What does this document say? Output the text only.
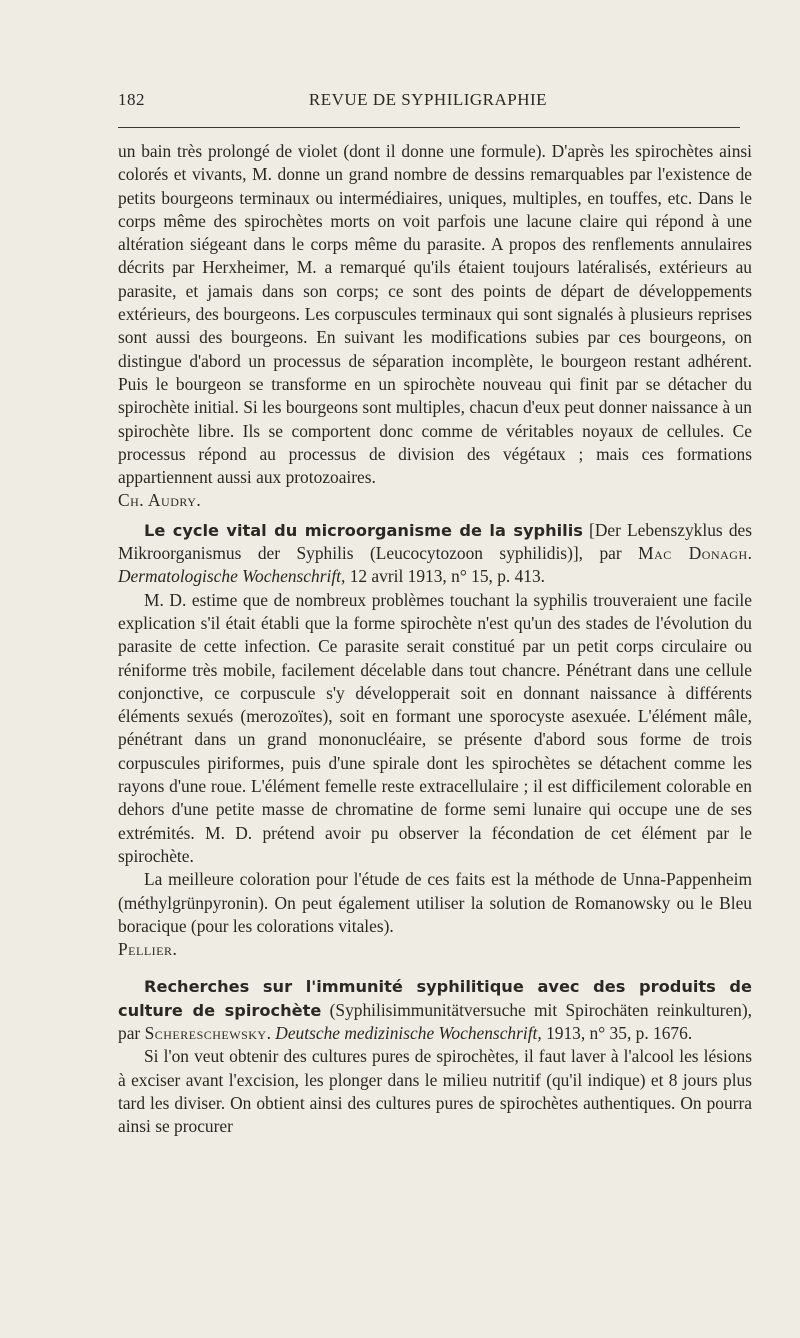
182	REVUE DE SYPHILIGRAPHIE

un bain très prolongé de violet (dont il donne une formule). D'après les spirochètes ainsi colorés et vivants, M. donne un grand nombre de dessins remarquables par l'existence de petits bourgeons terminaux ou intermédiaires, uniques, multiples, en touffes, etc. Dans le corps même des spirochètes morts on voit parfois une lacune claire qui répond à une altération siégeant dans le corps même du parasite. A propos des renflements annulaires décrits par Herxheimer, M. a remarqué qu'ils étaient toujours latéralisés, extérieurs au parasite, et jamais dans son corps; ce sont des points de départ de développements extérieurs, des bourgeons. Les corpuscules terminaux qui sont signalés à plusieurs reprises sont aussi des bourgeons. En suivant les modifications subies par ces bourgeons, on distingue d'abord un processus de séparation incomplète, le bourgeon restant adhérent. Puis le bourgeon se transforme en un spirochète nouveau qui finit par se détacher du spirochète initial. Si les bourgeons sont multiples, chacun d'eux peut donner naissance à un spirochète libre. Ils se comportent donc comme de véritables noyaux de cellules. Ce processus répond au processus de division des végétaux ; mais ces formations appartiennent aussi aux protozoaires.

Ch. Audry.

Le cycle vital du microorganisme de la syphilis [Der Lebenszyklus des Mikroorganismus der Syphilis (Leucocytozoon syphilidis)], par Mac Donagh. Dermatologische Wochenschrift, 12 avril 1913, n° 15, p. 413.

M. D. estime que de nombreux problèmes touchant la syphilis trouveraient une facile explication s'il était établi que la forme spirochète n'est qu'un des stades de l'évolution du parasite de cette infection. Ce parasite serait constitué par un petit corps circulaire ou réniforme très mobile, facilement décelable dans tout chancre. Pénétrant dans une cellule conjonctive, ce corpuscule s'y développerait soit en donnant naissance à différents éléments sexués (merozoïtes), soit en formant une sporocyste asexuée. L'élément mâle, pénétrant dans un grand mononucléaire, se présente d'abord sous forme de trois corpuscules piriformes, puis d'une spirale dont les spirochètes se détachent comme les rayons d'une roue. L'élément femelle reste extracellulaire ; il est difficilement colorable en dehors d'une petite masse de chromatine de forme semi lunaire qui occupe une de ses extrémités. M. D. prétend avoir pu observer la fécondation de cet élément par le spirochète.

La meilleure coloration pour l'étude de ces faits est la méthode de Unna-Pappenheim (méthylgrünpyronin). On peut également utiliser la solution de Romanowsky ou le Bleu boracique (pour les colorations vitales).

Pellier.

Recherches sur l'immunité syphilitique avec des produits de culture de spirochète (Syphilisimmunitätversuche mit Spirochäten reinkulturen), par Schereschewsky. Deutsche medizinische Wochenschrift, 1913, n° 35, p. 1676.

Si l'on veut obtenir des cultures pures de spirochètes, il faut laver à l'alcool les lésions à exciser avant l'excision, les plonger dans le milieu nutritif (qu'il indique) et 8 jours plus tard les diviser. On obtient ainsi des cultures pures de spirochètes authentiques. On pourra ainsi se procurer
